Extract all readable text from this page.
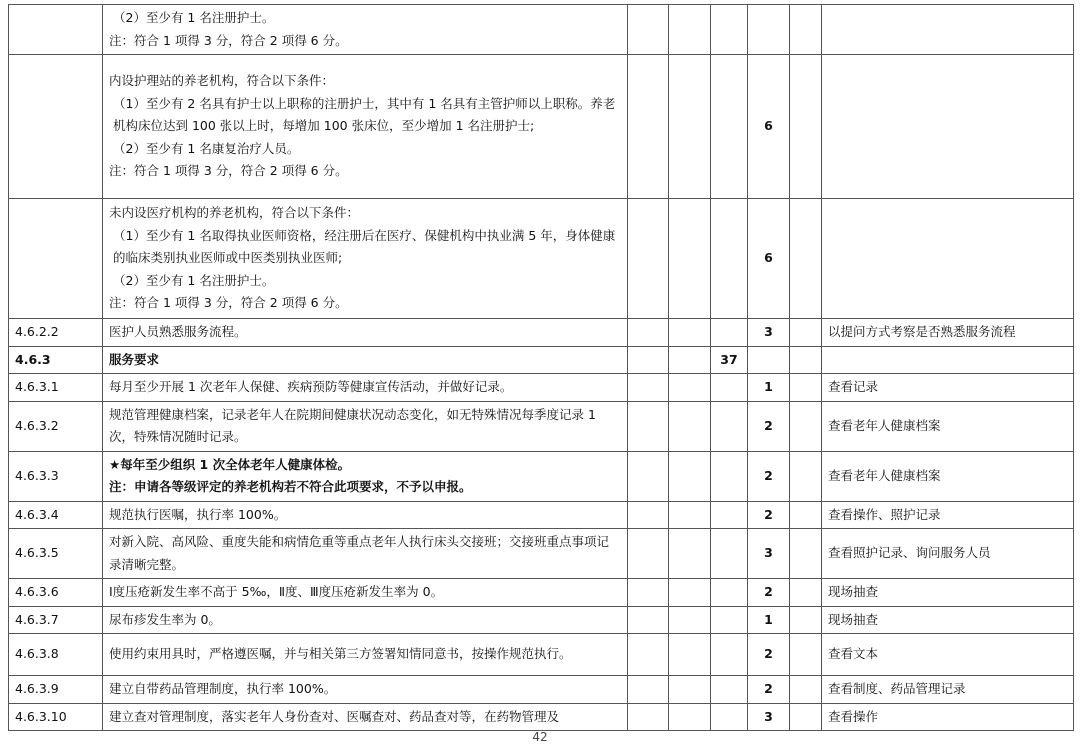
	（2）至少有 1 名注册护士。
注：符合 1 项得 3 分，符合 2 项得 6 分。						

	内设护理站的养老机构，符合以下条件：
（1）至少有 2 名具有护士以上职称的注册护士，其中有 1 名具有主管护师以上职称。养老机构床位达到 100 张以上时，每增加 100 张床位，至少增加 1 名注册护士;
（2）至少有 1 名康复治疗人员。
注：符合 1 项得 3 分，符合 2 项得 6 分。				6		

	未内设医疗机构的养老机构，符合以下条件：
（1）至少有 1 名取得执业医师资格，经注册后在医疗、保健机构中执业满 5 年，身体健康的临床类别执业医师或中医类别执业医师;
（2）至少有 1 名注册护士。
注：符合 1 项得 3 分，符合 2 项得 6 分。				6		
4.6.2.2	医护人员熟悉服务流程。				3		以提问方式考察是否熟悉服务流程
4.6.3	服务要求			37			
4.6.3.1	每月至少开展 1 次老年人保健、疾病预防等健康宣传活动，并做好记录。				1		查看记录
4.6.3.2	规范管理健康档案，记录老年人在院期间健康状况动态变化，如无特殊情况每季度记录 1 次，特殊情况随时记录。				2		查看老年人健康档案
4.6.3.3	★每年至少组织 1 次全体老年人健康体检。
注：申请各等级评定的养老机构若不符合此项要求，不予以申报。				2		查看老年人健康档案
4.6.3.4	规范执行医嘱，执行率 100%。				2		查看操作、照护记录
4.6.3.5	对新入院、高风险、重度失能和病情危重等重点老年人执行床头交接班；交接班重点事项记录清晰完整。				3		查看照护记录、询问服务人员
4.6.3.6	Ⅰ度压疮新发生率不高于 5‰，Ⅱ度、Ⅲ度压疮新发生率为 0。				2		现场抽查
4.6.3.7	尿布疹发生率为 0。				1		现场抽查
4.6.3.8	使用约束用具时，严格遵医嘱，并与相关第三方签署知情同意书，按操作规范执行。				2		查看文本
4.6.3.9	建立自带药品管理制度，执行率 100%。				2		查看制度、药品管理记录
4.6.3.10	建立查对管理制度，落实老年人身份查对、医嘱查对、药品查对等，在药物管理及				3		查看操作
42
